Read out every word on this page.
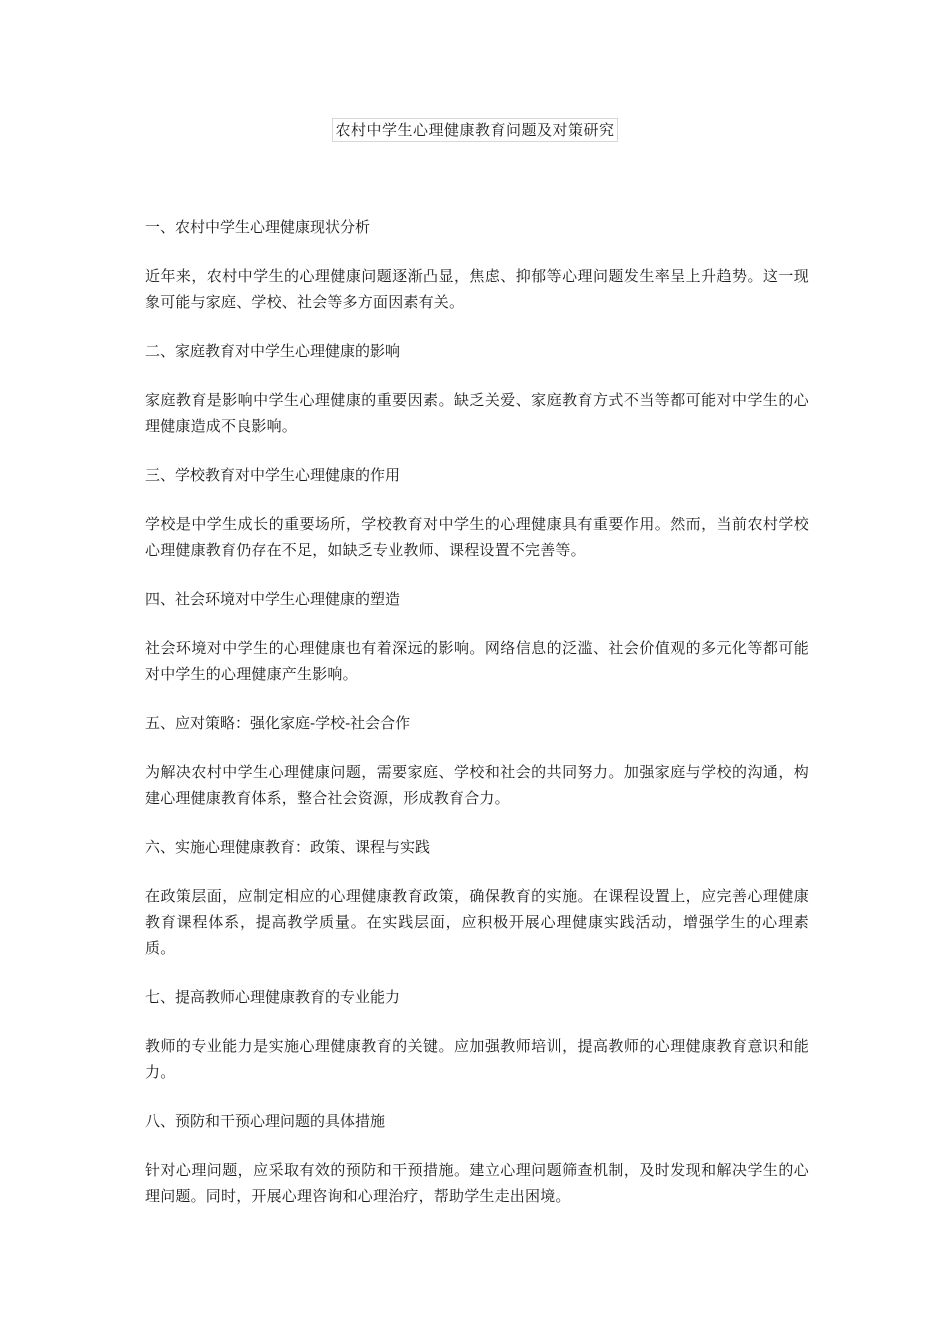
农村中学生心理健康教育问题及对策研究

一、农村中学生心理健康现状分析

近年来，农村中学生的心理健康问题逐渐凸显，焦虑、抑郁等心理问题发生率呈上升趋势。这一现象可能与家庭、学校、社会等多方面因素有关。

二、家庭教育对中学生心理健康的影响

家庭教育是影响中学生心理健康的重要因素。缺乏关爱、家庭教育方式不当等都可能对中学生的心理健康造成不良影响。

三、学校教育对中学生心理健康的作用

学校是中学生成长的重要场所，学校教育对中学生的心理健康具有重要作用。然而，当前农村学校心理健康教育仍存在不足，如缺乏专业教师、课程设置不完善等。

四、社会环境对中学生心理健康的塑造

社会环境对中学生的心理健康也有着深远的影响。网络信息的泛滥、社会价值观的多元化等都可能对中学生的心理健康产生影响。

五、应对策略：强化家庭-学校-社会合作

为解决农村中学生心理健康问题，需要家庭、学校和社会的共同努力。加强家庭与学校的沟通，构建心理健康教育体系，整合社会资源，形成教育合力。

六、实施心理健康教育：政策、课程与实践

在政策层面，应制定相应的心理健康教育政策，确保教育的实施。在课程设置上，应完善心理健康教育课程体系，提高教学质量。在实践层面，应积极开展心理健康实践活动，增强学生的心理素质。

七、提高教师心理健康教育的专业能力

教师的专业能力是实施心理健康教育的关键。应加强教师培训，提高教师的心理健康教育意识和能力。

八、预防和干预心理问题的具体措施

针对心理问题，应采取有效的预防和干预措施。建立心理问题筛查机制，及时发现和解决学生的心理问题。同时，开展心理咨询和心理治疗，帮助学生走出困境。
